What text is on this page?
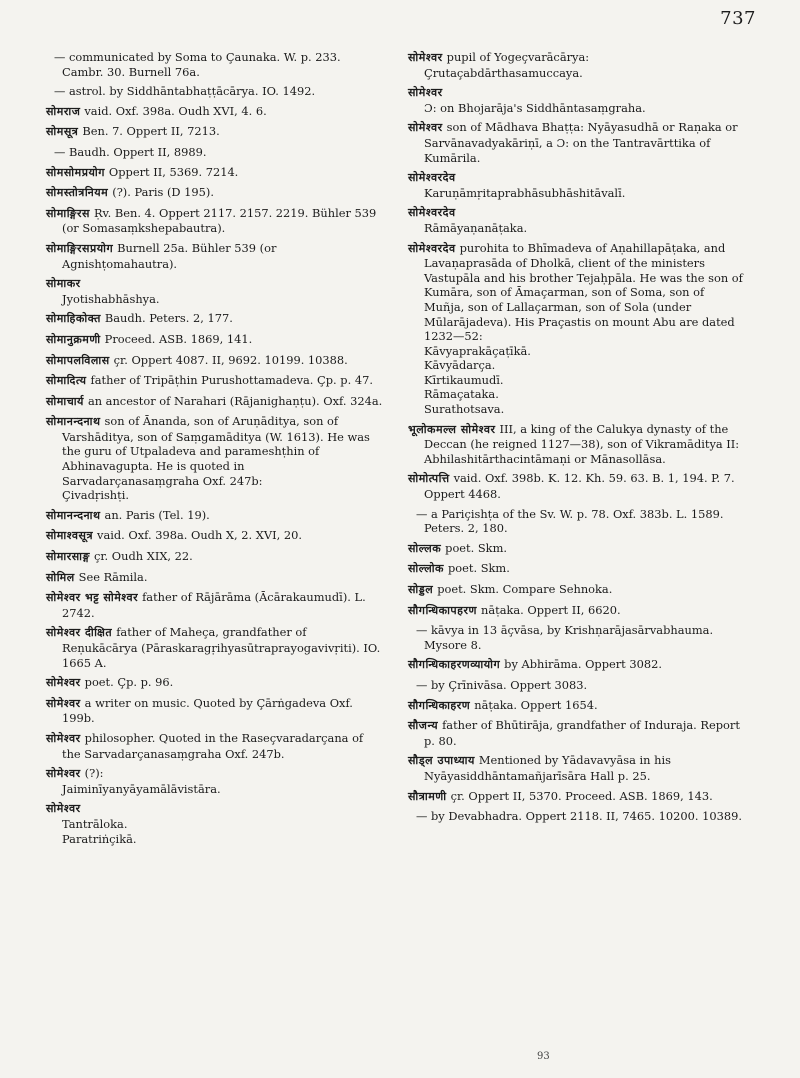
737
— communicated by Soma to Çaunaka. W. p. 233. Cambr. 30. Burnell 76a.
— astrol. by Siddhāntabhaṭṭācārya. IO. 1492.
सोमराज vaid. Oxf. 398a. Oudh XVI, 4. 6.
सोमसूत्र Ben. 7. Oppert II, 7213.
— Baudh. Oppert II, 8989.
सोमसोमप्रयोग Oppert II, 5369. 7214.
सोमस्तोत्रनियम (?). Paris (D 195).
सोमाङ्गिरस Ṛv. Ben. 4. Oppert 2117. 2157. 2219. Bühler 539 (or Somasaṃkshepabautra).
सोमाङ्गिरसप्रयोग Burnell 25a. Bühler 539 (or Agnishṭomahautra).
सोमाकर
Jyotishabhāshya.
सोमाहिकोक्त Baudh. Peters. 2, 177.
सोमानुक्रमणी Proceed. ASB. 1869, 141.
सोमापलविलास çr. Oppert 4087. II, 9692. 10199. 10388.
सोमादित्य father of Tripāṭhin Purushottamadeva. Çp. p. 47.
सोमाचार्य an ancestor of Narahari (Rājanighaṇṭu). Oxf. 324a.
सोमानन्दनाथ son of Ānanda, son of Aruṇāditya, son of Varshāditya, son of Saṃgamāditya (W. 1613). He was the guru of Utpaladeva and parameshṭhin of Abhinavagupta. He is quoted in Sarvadarçanasaṃgraha Oxf. 247b:
Çivadṛishṭi.
सोमानन्दनाथ an. Paris (Tel. 19).
सोमाश्वसूत्र vaid. Oxf. 398a. Oudh X, 2. XVI, 20.
सोमारसाङ्ग çr. Oudh XIX, 22.
सोमिल See Rāmila.
सोमेश्वर भट्ट सोमेश्वर father of Rājārāma (Ācārakaumudī). L. 2742.
सोमेश्वर दीक्षित father of Maheça, grandfather of Reṇukācārya (Pāraskaragṛihyasūtraprayogavivṛiti). IO. 1665 A.
सोमेश्वर poet. Çp. p. 96.
सोमेश्वर a writer on music. Quoted by Çārṅgadeva Oxf. 199b.
सोमेश्वर philosopher. Quoted in the Raseçvaradarçana of the Sarvadarçanasaṃgraha Oxf. 247b.
सोमेश्वर (?):
Jaiminīyanyāyamālāvistāra.
सोमेश्वर
Tantrāloka.
Paratriṅçikā.
सोमेश्वर pupil of Yogeçvarācārya:
Çrutaçabdārthasamuccaya.
सोमेश्वर
Ɔ: on Bhojarāja's Siddhāntasaṃgraha.
सोमेश्वर son of Mādhava Bhaṭṭa: Nyāyasudhā or Raṇaka or Sarvānavadyakāriṇī, a Ɔ: on the Tantravārttika of Kumārila.
सोमेश्वरदेव
Karuṇāmṛitaprabhāsubhāshitāvalī.
सोमेश्वरदेव
Rāmāyaṇanāṭaka.
सोमेश्वरदेव purohita to Bhīmadeva of Aṇahillapāṭaka, and Lavaṇaprasāda of Dholkā, client of the ministers Vastupāla and his brother Tejaḥpāla. He was the son of Kumāra, son of Āmaçarman, son of Soma, son of Muñja, son of Lallaçarman, son of Sola (under Mūlarājadeva). His Praçastis on mount Abu are dated 1232—52:
Kāvyaprakāçaṭīkā.
Kāvyādarça.
Kīrtikaumudī.
Rāmaçataka.
Surathotsava.
भूलोकमल्ल सोमेश्वर III, a king of the Calukya dynasty of the Deccan (he reigned 1127—38), son of Vikramāditya II:
Abhilashitārthacintāmaṇi or Mānasollāsa.
सोमोत्पत्ति vaid. Oxf. 398b. K. 12. Kh. 59. 63. B. 1, 194. P. 7. Oppert 4468.
— a Pariçishṭa of the Sv. W. p. 78. Oxf. 383b. L. 1589. Peters. 2, 180.
सोल्लक poet. Skm.
सोल्लोक poet. Skm.
सोड्डल poet. Skm. Compare Sehnoka.
सौगन्धिकापहरण nāṭaka. Oppert II, 6620.
— kāvya in 13 āçvāsa, by Krishṇarājasārvabhauma. Mysore 8.
सौगन्धिकाहरणव्यायोग by Abhirāma. Oppert 3082.
— by Çrīnivāsa. Oppert 3083.
सौगन्धिकाहरण nāṭaka. Oppert 1654.
सौजन्य father of Bhūtirāja, grandfather of Induraja. Report p. 80.
सौड्ल उपाध्याय Mentioned by Yādavavyāsa in his Nyāyasiddhāntamañjarīsāra Hall p. 25.
सौत्रामणी çr. Oppert II, 5370. Proceed. ASB. 1869, 143.
— by Devabhadra. Oppert 2118. II, 7465. 10200. 10389.
93
